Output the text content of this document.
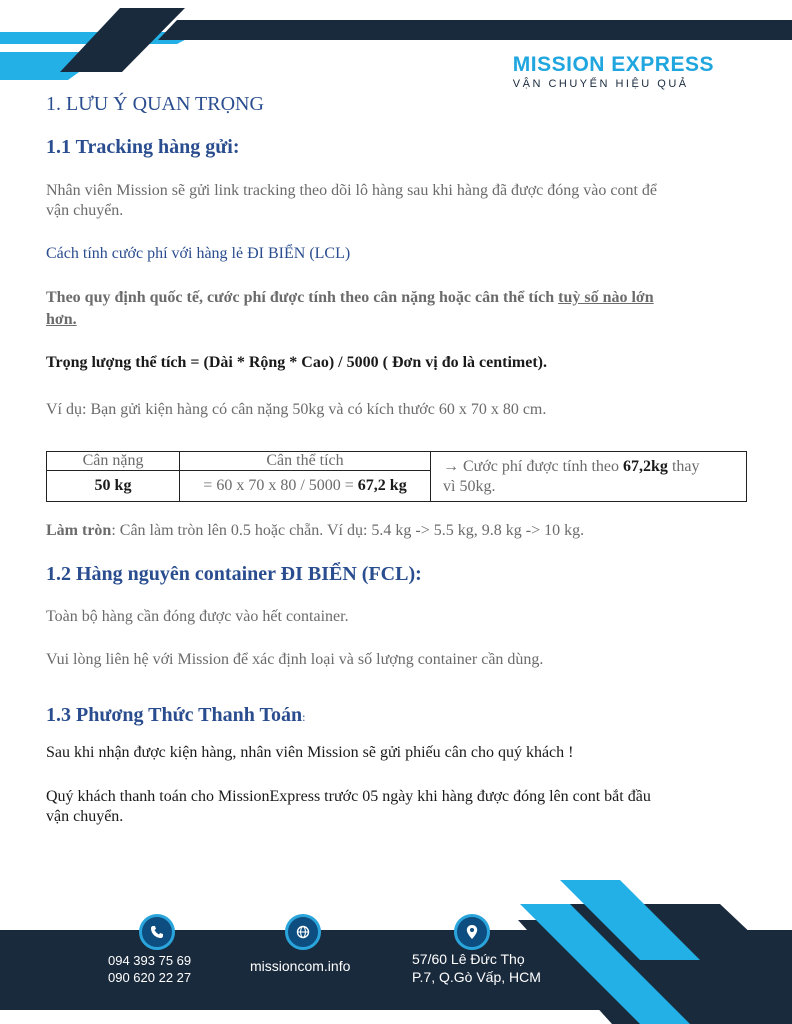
MISSION EXPRESS
VẬN CHUYỂN HIỆU QUẢ
1. LƯU Ý QUAN TRỌNG
1.1 Tracking hàng gửi:

Nhân viên Mission sẽ gửi link tracking theo dõi lô hàng sau khi hàng đã được đóng vào cont để
vận chuyển.

Cách tính cước phí với hàng lẻ ĐI BIỂN (LCL)

Theo quy định quốc tế, cước phí được tính theo cân nặng hoặc cân thể tích tuỳ số nào lớn
hơn.

Trọng lượng thể tích = (Dài * Rộng * Cao) / 5000 ( Đơn vị đo là centimet).

Ví dụ: Bạn gửi kiện hàng có cân nặng 50kg và có kích thước 60 x 70 x 80 cm.

Cân nặng	Cân thể tích	→ Cước phí được tính theo 67,2kg thay
vì 50kg.
50 kg	= 60 x 70 x 80 / 5000 = 67,2 kg	

Làm tròn: Cân làm tròn lên 0.5 hoặc chẵn. Ví dụ: 5.4 kg -> 5.5 kg, 9.8 kg -> 10 kg.

1.2 Hàng nguyên container ĐI BIỂN (FCL):

Toàn bộ hàng cần đóng được vào hết container.

Vui lòng liên hệ với Mission để xác định loại và số lượng container cần dùng.

1.3 Phương Thức Thanh Toán:

Sau khi nhận được kiện hàng, nhân viên Mission sẽ gửi phiếu cân cho quý khách !

Quý khách thanh toán cho MissionExpress trước 05 ngày khi hàng được đóng lên cont bắt đầu
vận chuyển.

094 393 75 69
090 620 22 27
missioncom.info	57/60 Lê Đức Thọ
P.7, Q.Gò Vấp, HCM
